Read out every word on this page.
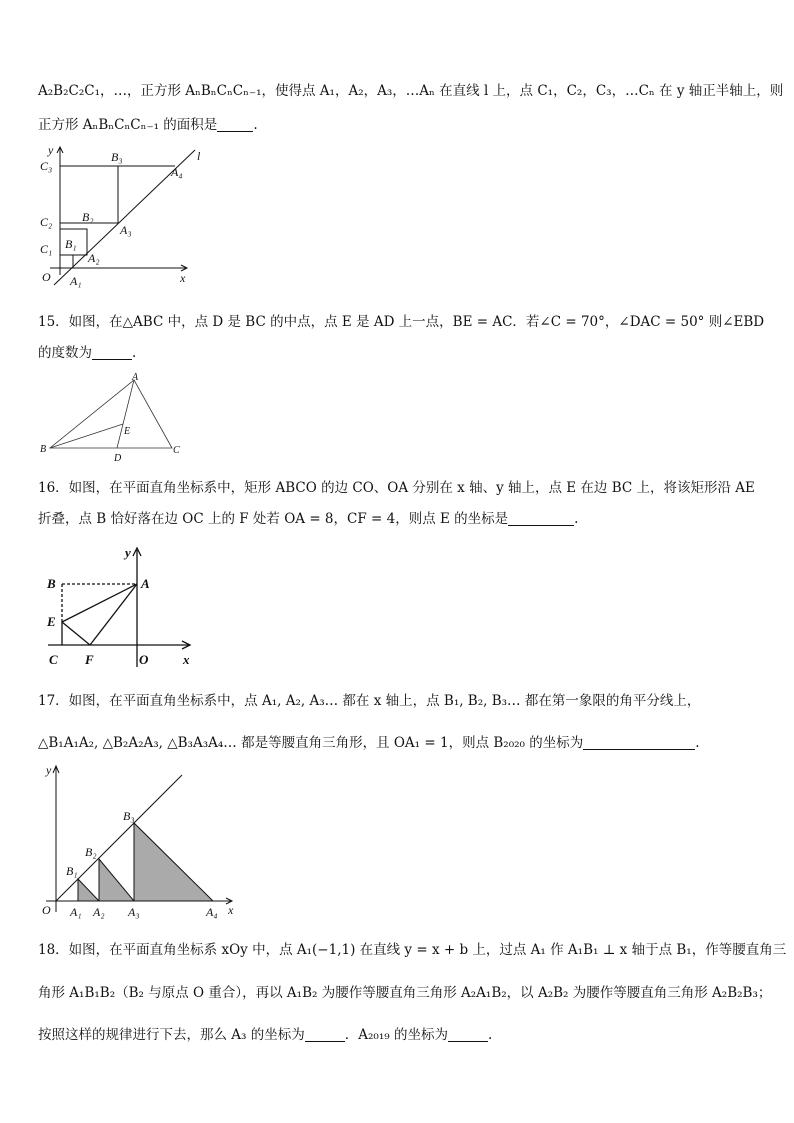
A₂B₂C₂C₁，…，正方形 AₙBₙCₙCₙ₋₁，使得点 A₁，A₂，A₃，…Aₙ 在直线 l 上，点 C₁，C₂，C₃，…Cₙ 在 y 轴正半轴上，则
正方形 AₙBₙCₙCₙ₋₁ 的面积是	.
y
x
O
l
C₃
B₃
A₄
C₂ B₂
A₃
C₁ B₁
A₂
A₁
15．如图，在△ABC 中，点 D 是 BC 的中点，点 E 是 AD 上一点，BE = AC．若∠C = 70°，∠DAC = 50° 则∠EBD
的度数为	.
A
B	C
D
E
16．如图，在平面直角坐标系中，矩形 ABCO 的边 CO、OA 分别在 x 轴、y 轴上，点 E 在边 BC 上，将该矩形沿 AE
折叠，点 B 恰好落在边 OC 上的 F 处若 OA = 8，CF = 4，则点 E 的坐标是	.
y
B	A
E
C F	O	x
17．如图，在平面直角坐标系中，点 A₁, A₂, A₃… 都在 x 轴上，点 B₁, B₂, B₃… 都在第一象限的角平分线上，
△B₁A₁A₂, △B₂A₂A₃, △B₃A₃A₄… 都是等腰直角三角形，且 OA₁ = 1，则点 B₂₀₂₀ 的坐标为	.
y
x
O A₁ A₂ A₃	A₄
B₁
B₂
B₃
18．如图，在平面直角坐标系 xOy 中，点 A₁(−1,1) 在直线 y = x + b 上，过点 A₁ 作 A₁B₁ ⊥ x 轴于点 B₁，作等腰直角三
角形 A₁B₁B₂（B₂ 与原点 O 重合），再以 A₁B₂ 为腰作等腰直角三角形 A₂A₁B₂，以 A₂B₂ 为腰作等腰直角三角形 A₂B₂B₃；
按照这样的规律进行下去，那么 A₃ 的坐标为	．A₂₀₁₉ 的坐标为	.
